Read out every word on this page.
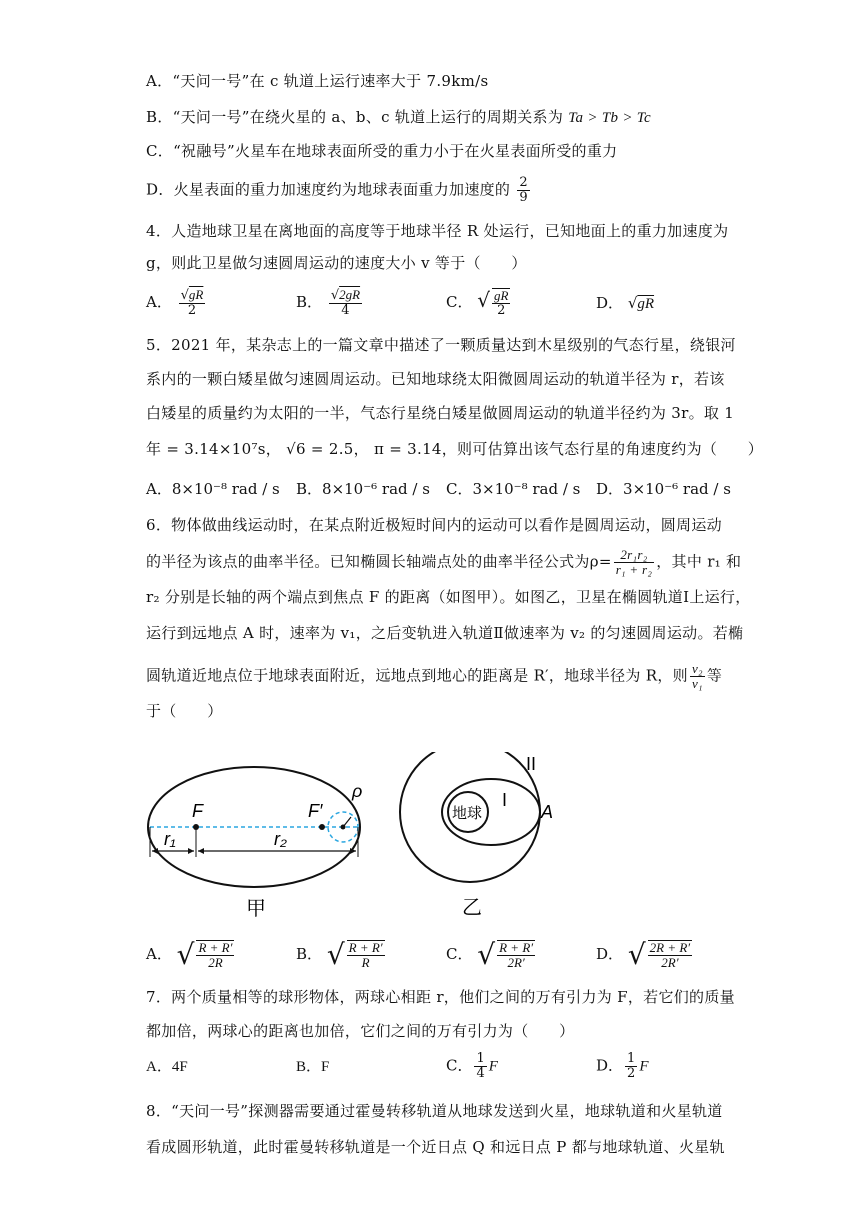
A．“天问一号”在 c 轨道上运行速率大于 7.9km/s
B．“天问一号”在绕火星的 a、b、c 轨道上运行的周期关系为 Ta > Tb > Tc
C．“祝融号”火星车在地球表面所受的重力小于在火星表面所受的重力
D．火星表面的重力加速度约为地球表面重力加速度的 $\frac{2}{9}$
4．人造地球卫星在离地面的高度等于地球半径 R 处运行，已知地面上的重力加速度为
g，则此卫星做匀速圆周运动的速度大小 v 等于（　　）
A． $\frac{√gR}{2}$	B． $\frac{√2gR}{4}$	C． √ $\frac{gR}{2}$	D． √gR
5．2021 年，某杂志上的一篇文章中描述了一颗质量达到木星级别的气态行星，绕银河
系内的一颗白矮星做匀速圆周运动。已知地球绕太阳微圆周运动的轨道半径为 r，若该
白矮星的质量约为太阳的一半，气态行星绕白矮星做圆周运动的轨道半径约为 3r。取 1
年 = 3.14×10⁷s， √6 = 2.5， π = 3.14，则可估算出该气态行星的角速度约为（　　）
A．8×10⁻⁸ rad / s B．8×10⁻⁶ rad / s C．3×10⁻⁸ rad / s D．3×10⁻⁶ rad / s
6．物体做曲线运动时，在某点附近极短时间内的运动可以看作是圆周运动，圆周运动
的半径为该点的曲率半径。已知椭圆长轴端点处的曲率半径公式为$\rho= \frac{\text{2r₁r₂}}{\text{r₁ + r₂}}$ ，其中 r₁ 和
r₂ 分别是长轴的两个端点到焦点 F 的距离（如图甲）。如图乙，卫星在椭圆轨道Ⅰ上运行，
运行到远地点 A 时，速率为 v₁，之后变轨进入轨道Ⅱ做速率为 v₂ 的匀速圆周运动。若椭
圆轨道近地点位于地球表面附近，远地点到地心的距离是 R′，地球半径为 R，则 $\frac{\text{v₂}}{\text{v₁}}$ 等
于（　　）
F	F′
ρ
r₁	r₂
甲
地球
I
II
A
乙
A． √ $\frac{R + R'}{2R}$	B． √ $\frac{R + R'}{R}$	C． √ $\frac{R + R'}{2R'}$	D． √ $\frac{2R + R'}{2R'}$
7．两个质量相等的球形物体，两球心相距 r，他们之间的万有引力为 F，若它们的质量
都加倍，两球心的距离也加倍，它们之间的万有引力为（　　）
A．4F	B．F	C． $\frac{1}{4}$ F	D． $\frac{1}{2}$ F
8．“天问一号”探测器需要通过霍曼转移轨道从地球发送到火星，地球轨道和火星轨道
看成圆形轨道，此时霍曼转移轨道是一个近日点 Q 和远日点 P 都与地球轨道、火星轨
